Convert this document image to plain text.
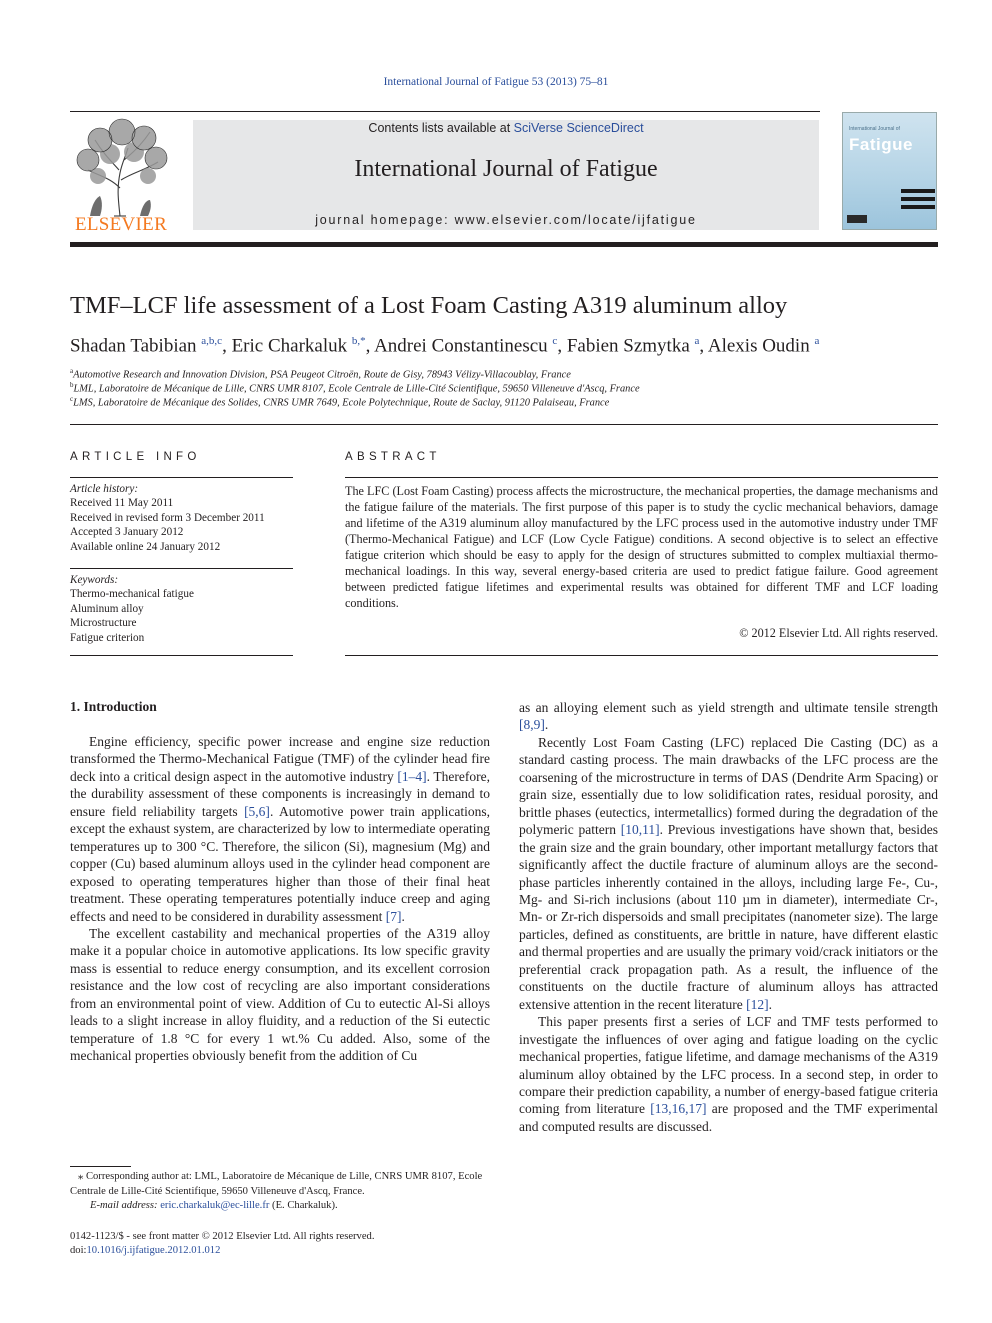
International Journal of Fatigue 53 (2013) 75–81
ELSEVIER
Contents lists available at SciVerse ScienceDirect
International Journal of Fatigue
journal homepage: www.elsevier.com/locate/ijfatigue
International Journal of
Fatigue
TMF–LCF life assessment of a Lost Foam Casting A319 aluminum alloy
Shadan Tabibian $^{a,b,c}$, Eric Charkaluk $^{b,*}$, Andrei Constantinescu $^c$, Fabien Szmytka $^a$, Alexis Oudin $^a$
$^a$Automotive Research and Innovation Division, PSA Peugeot Citroën, Route de Gisy, 78943 Vélizy-Villacoublay, France
$^b$LML, Laboratoire de Mécanique de Lille, CNRS UMR 8107, Ecole Centrale de Lille-Cité Scientifique, 59650 Villeneuve d'Ascq, France
$^c$LMS, Laboratoire de Mécanique des Solides, CNRS UMR 7649, Ecole Polytechnique, Route de Saclay, 91120 Palaiseau, France
ARTICLE INFO
Article history:
Received 11 May 2011
Received in revised form 3 December 2011
Accepted 3 January 2012
Available online 24 January 2012
Keywords:
Thermo-mechanical fatigue
Aluminum alloy
Microstructure
Fatigue criterion
ABSTRACT
The LFC (Lost Foam Casting) process affects the microstructure, the mechanical properties, the damage mechanisms and the fatigue failure of the materials. The first purpose of this paper is to study the cyclic mechanical behaviors, damage and lifetime of the A319 aluminum alloy manufactured by the LFC process used in the automotive industry under TMF (Thermo-Mechanical Fatigue) and LCF (Low Cycle Fatigue) conditions. A second objective is to select an effective fatigue criterion which should be easy to apply for the design of structures submitted to complex multiaxial thermo-mechanical loadings. In this way, several energy-based criteria are used to predict fatigue failure. Good agreement between predicted fatigue lifetimes and experimental results was obtained for different TMF and LCF loading conditions.
© 2012 Elsevier Ltd. All rights reserved.
1. Introduction

Engine efficiency, specific power increase and engine size reduction transformed the Thermo-Mechanical Fatigue (TMF) of the cylinder head fire deck into a critical design aspect in the automotive industry [1–4]. Therefore, the durability assessment of these components is increasingly in demand to ensure field reliability targets [5,6]. Automotive power train applications, except the exhaust system, are characterized by low to intermediate operating temperatures up to 300 °C. Therefore, the silicon (Si), magnesium (Mg) and copper (Cu) based aluminum alloys used in the cylinder head component are exposed to operating temperatures higher than those of their final heat treatment. These operating temperatures potentially induce creep and aging effects and need to be considered in durability assessment [7].

The excellent castability and mechanical properties of the A319 alloy make it a popular choice in automotive applications. Its low specific gravity mass is essential to reduce energy consumption, and its excellent corrosion resistance and the low cost of recycling are also important considerations from an environmental point of view. Addition of Cu to eutectic Al-Si alloys leads to a slight increase in alloy fluidity, and a reduction of the Si eutectic temperature of 1.8 °C for every 1 wt.% Cu added. Also, some of the mechanical properties obviously benefit from the addition of Cu

as an alloying element such as yield strength and ultimate tensile strength [8,9].

Recently Lost Foam Casting (LFC) replaced Die Casting (DC) as a standard casting process. The main drawbacks of the LFC process are the coarsening of the microstructure in terms of DAS (Dendrite Arm Spacing) or grain size, essentially due to low solidification rates, residual porosity, and brittle phases (eutectics, intermetallics) formed during the degradation of the polymeric pattern [10,11]. Previous investigations have shown that, besides the grain size and the grain boundary, other important metallurgy factors that significantly affect the ductile fracture of aluminum alloys are the second-phase particles inherently contained in the alloys, including large Fe-, Cu-, Mg- and Si-rich inclusions (about 110 µm in diameter), intermediate Cr-, Mn- or Zr-rich dispersoids and small precipitates (nanometer size). The large particles, defined as constituents, are brittle in nature, have different elastic and thermal properties and are usually the primary void/crack initiators or the preferential crack propagation path. As a result, the influence of the constituents on the ductile fracture of aluminum alloys has attracted extensive attention in the recent literature [12].

This paper presents first a series of LCF and TMF tests performed to investigate the influences of over aging and fatigue loading on the cyclic mechanical properties, fatigue lifetime, and damage mechanisms of the A319 aluminum alloy obtained by the LFC process. In a second step, in order to compare their prediction capability, a number of energy-based fatigue criteria coming from literature [13,16,17] are proposed and the TMF experimental and computed results are discussed.

⁎ Corresponding author at: LML, Laboratoire de Mécanique de Lille, CNRS UMR 8107, Ecole Centrale de Lille-Cité Scientifique, 59650 Villeneuve d'Ascq, France.
E-mail address: eric.charkaluk@ec-lille.fr (E. Charkaluk).
0142-1123/$ - see front matter © 2012 Elsevier Ltd. All rights reserved.
doi:10.1016/j.ijfatigue.2012.01.012
